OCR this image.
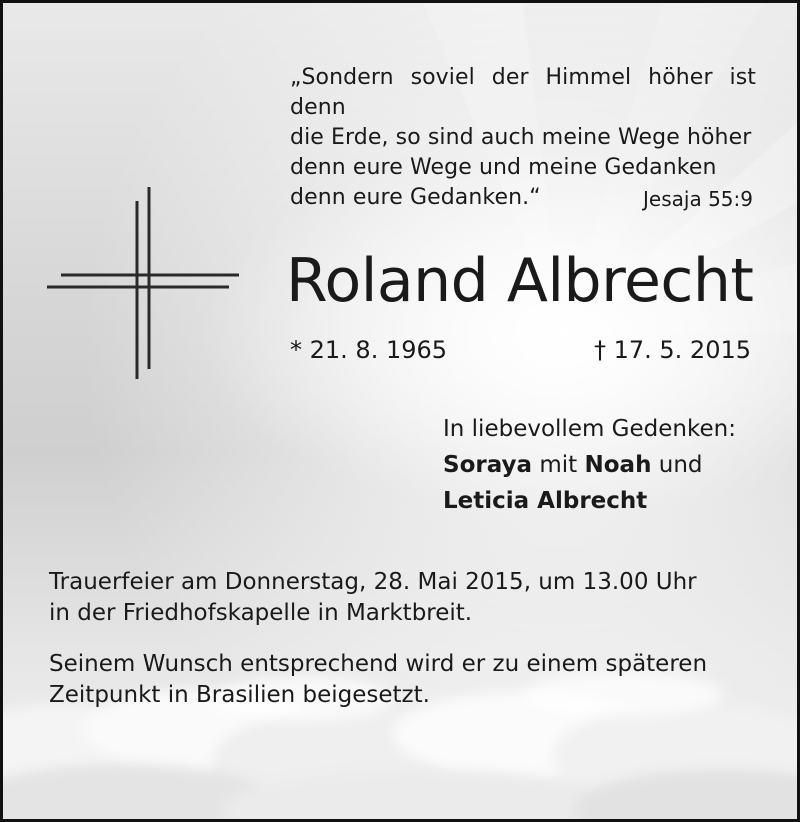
„Sondern soviel der Himmel höher ist denn
die Erde, so sind auch meine Wege höher
denn eure Wege und meine Gedanken
denn eure Gedanken.“	Jesaja 55:9
Roland Albrecht
* 21. 8. 1965	† 17. 5. 2015
In liebevollem Gedenken:
Soraya mit Noah und
Leticia Albrecht
Trauerfeier am Donnerstag, 28. Mai 2015, um 13.00 Uhr
in der Friedhofskapelle in Marktbreit.
Seinem Wunsch entsprechend wird er zu einem späteren
Zeitpunkt in Brasilien beigesetzt.
